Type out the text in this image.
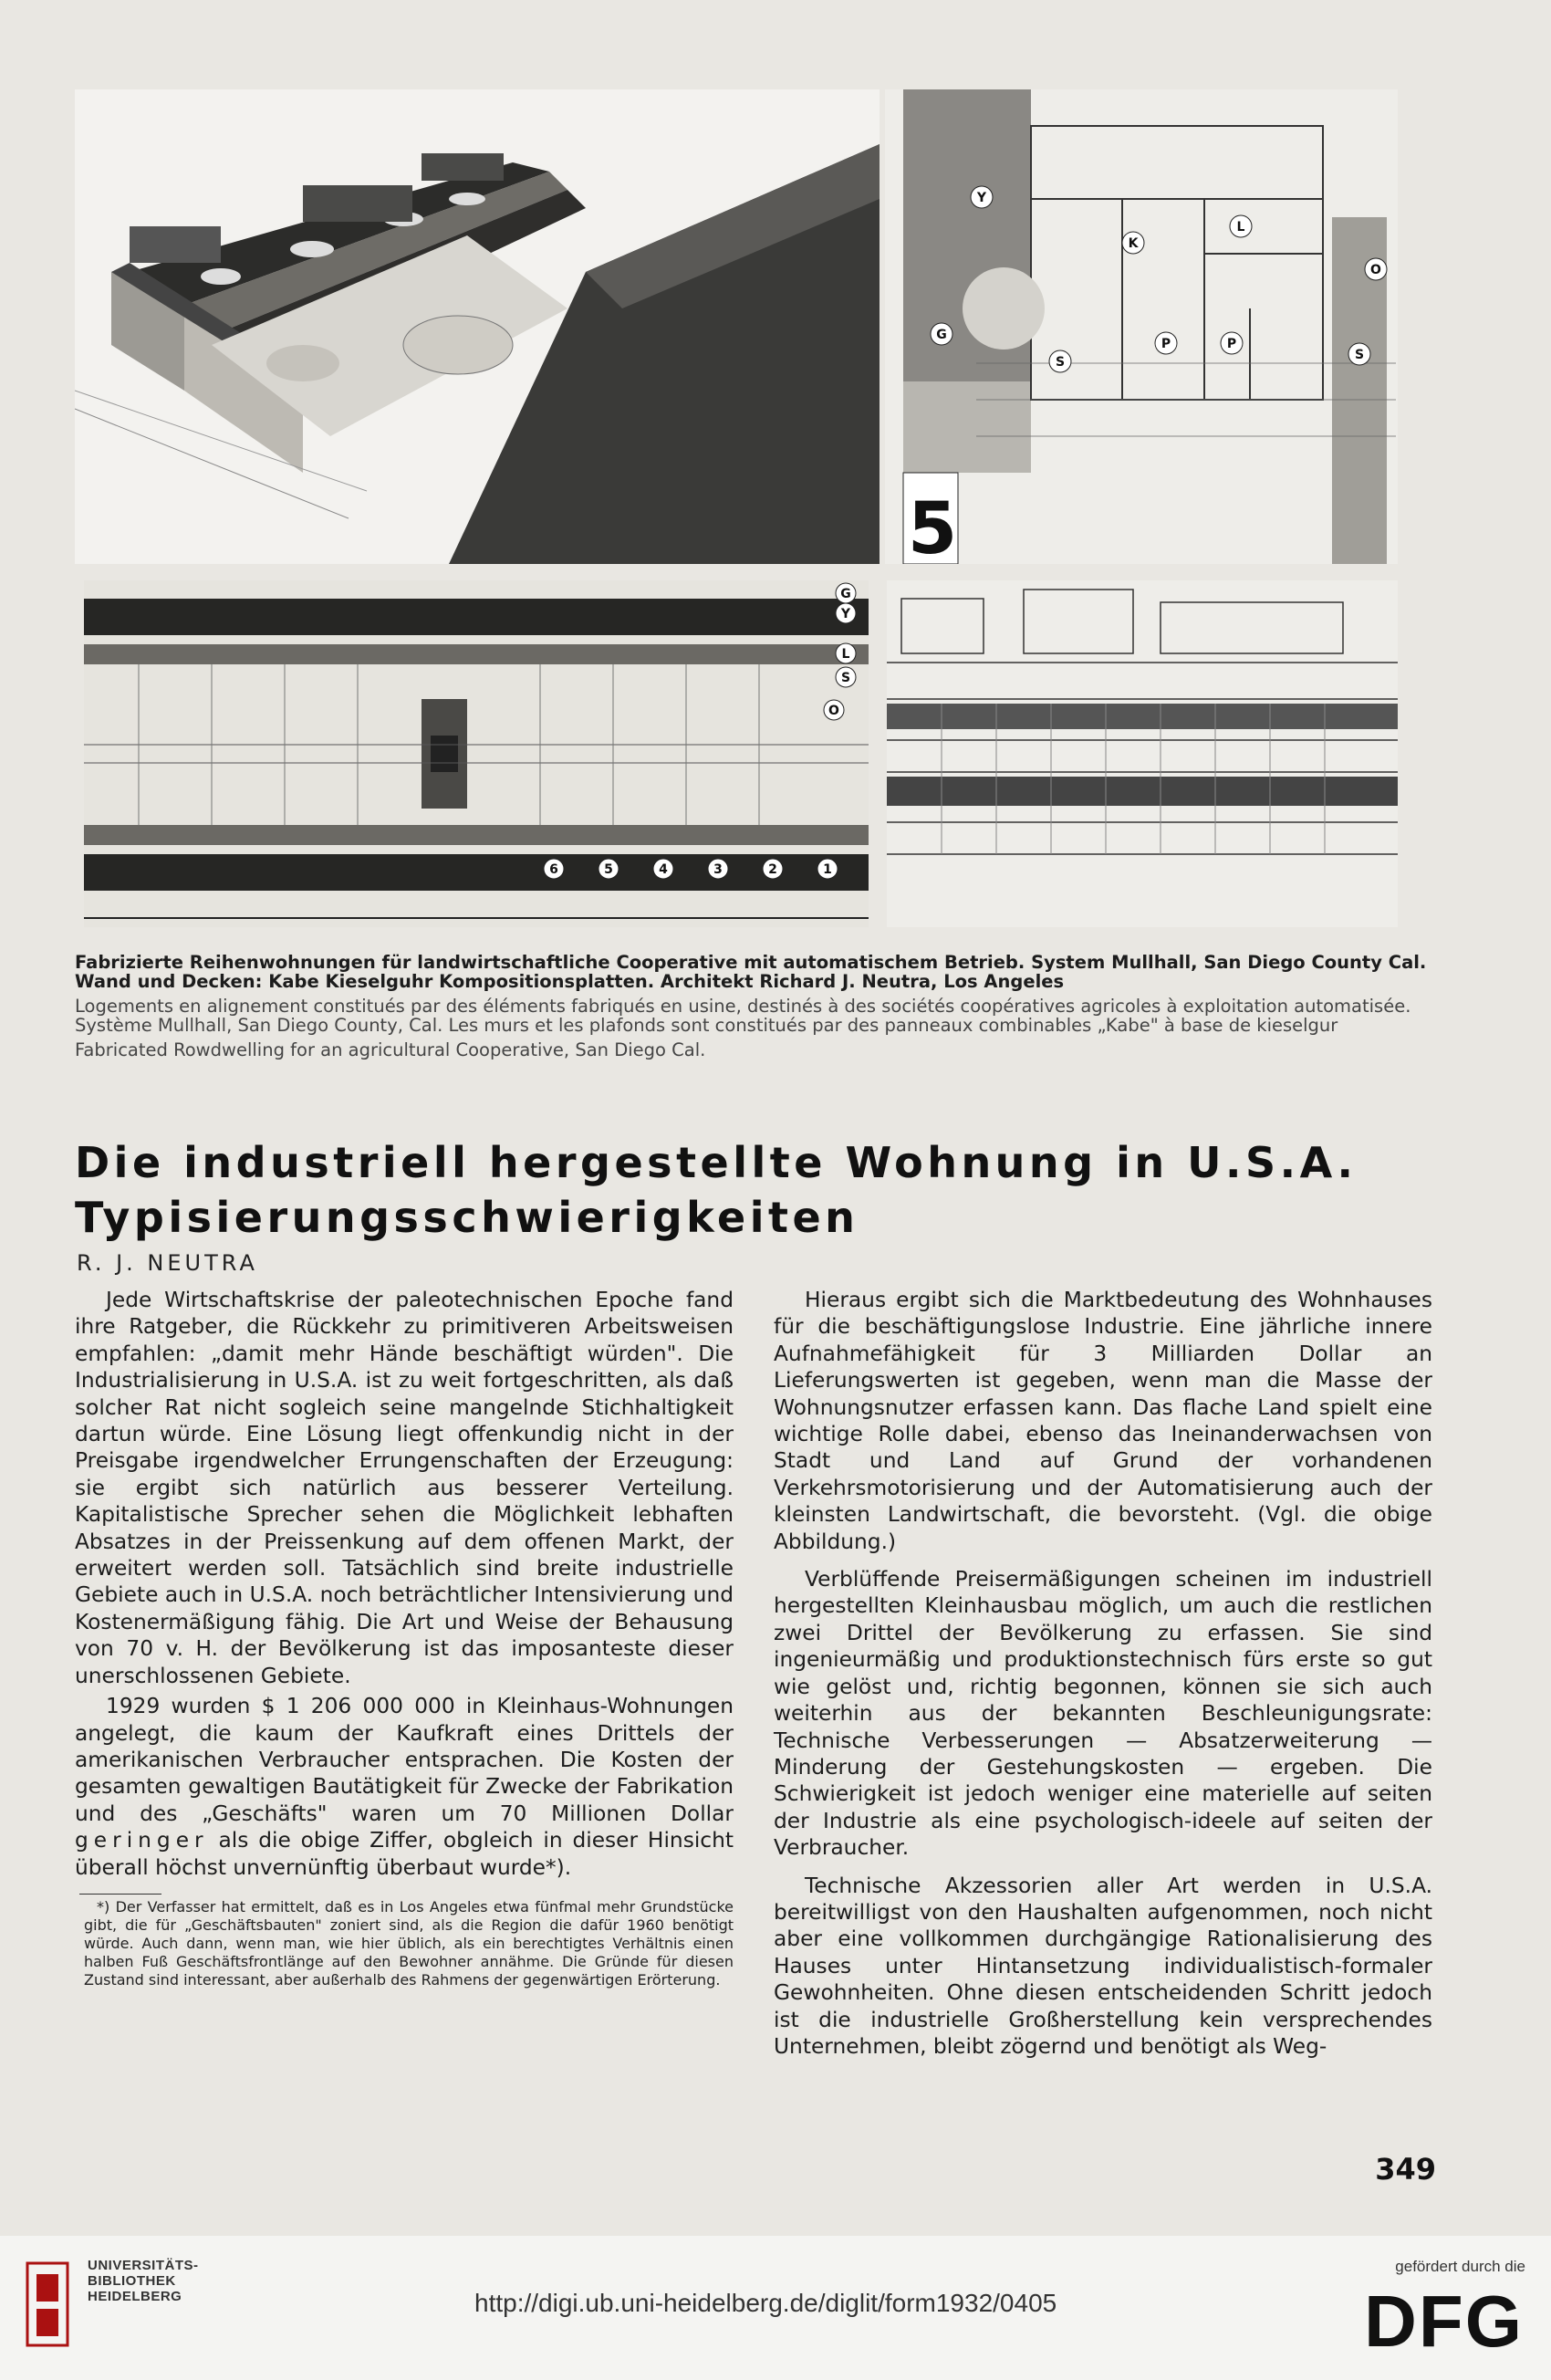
Y
K
L
O
G
S
P	P
S
5
G
Y
L
S
O
6	5	4	3	2	1

Fabrizierte Reihenwohnungen für landwirtschaftliche Cooperative mit automatischem Betrieb. System Mullhall, San Diego County Cal. Wand und Decken: Kabe Kieselguhr Kompositionsplatten. Architekt Richard J. Neutra, Los Angeles

Logements en alignement constitués par des éléments fabriqués en usine, destinés à des sociétés coopératives agricoles à exploitation automatisée. Système Mullhall, San Diego County, Cal. Les murs et les plafonds sont constitués par des panneaux combinables „Kabe" à base de kieselgur

Fabricated Rowdwelling for an agricultural Cooperative, San Diego Cal.

Die industriell hergestellte Wohnung in U.S.A.
Typisierungsschwierigkeiten
R. J. NEUTRA

Jede Wirtschaftskrise der paleotechnischen Epoche fand ihre Ratgeber, die Rückkehr zu primitiveren Arbeitsweisen empfahlen: „damit mehr Hände beschäftigt würden". Die Industrialisierung in U.S.A. ist zu weit fortgeschritten, als daß solcher Rat nicht sogleich seine mangelnde Stichhaltigkeit dartun würde. Eine Lösung liegt offenkundig nicht in der Preisgabe irgendwelcher Errungenschaften der Erzeugung: sie ergibt sich natürlich aus besserer Verteilung. Kapitalistische Sprecher sehen die Möglichkeit lebhaften Absatzes in der Preissenkung auf dem offenen Markt, der erweitert werden soll. Tatsächlich sind breite industrielle Gebiete auch in U.S.A. noch beträchtlicher Intensivierung und Kostenermäßigung fähig. Die Art und Weise der Behausung von 70 v. H. der Bevölkerung ist das imposanteste dieser unerschlossenen Gebiete.

1929 wurden $ 1 206 000 000 in Kleinhaus-Wohnungen angelegt, die kaum der Kaufkraft eines Drittels der amerikanischen Verbraucher entsprachen. Die Kosten der gesamten gewaltigen Bautätigkeit für Zwecke der Fabrikation und des „Geschäfts" waren um 70 Millionen Dollar geringer als die obige Ziffer, obgleich in dieser Hinsicht überall höchst unvernünftig überbaut wurde*).

*) Der Verfasser hat ermittelt, daß es in Los Angeles etwa fünfmal mehr Grundstücke gibt, die für „Geschäftsbauten" zoniert sind, als die Region die dafür 1960 benötigt würde. Auch dann, wenn man, wie hier üblich, als ein berechtigtes Verhältnis einen halben Fuß Geschäftsfrontlänge auf den Bewohner annähme. Die Gründe für diesen Zustand sind interessant, aber außerhalb des Rahmens der gegenwärtigen Erörterung.

Hieraus ergibt sich die Marktbedeutung des Wohnhauses für die beschäftigungslose Industrie. Eine jährliche innere Aufnahmefähigkeit für 3 Milliarden Dollar an Lieferungswerten ist gegeben, wenn man die Masse der Wohnungsnutzer erfassen kann. Das flache Land spielt eine wichtige Rolle dabei, ebenso das Ineinanderwachsen von Stadt und Land auf Grund der vorhandenen Verkehrsmotorisierung und der Automatisierung auch der kleinsten Landwirtschaft, die bevorsteht. (Vgl. die obige Abbildung.)

Verblüffende Preisermäßigungen scheinen im industriell hergestellten Kleinhausbau möglich, um auch die restlichen zwei Drittel der Bevölkerung zu erfassen. Sie sind ingenieurmäßig und produktionstechnisch fürs erste so gut wie gelöst und, richtig begonnen, können sie sich auch weiterhin aus der bekannten Beschleunigungsrate: Technische Verbesserungen — Absatzerweiterung — Minderung der Gestehungskosten — ergeben. Die Schwierigkeit ist jedoch weniger eine materielle auf seiten der Industrie als eine psychologisch-ideele auf seiten der Verbraucher.

Technische Akzessorien aller Art werden in U.S.A. bereitwilligst von den Haushalten aufgenommen, noch nicht aber eine vollkommen durchgängige Rationalisierung des Hauses unter Hintansetzung individualistisch-formaler Gewohnheiten. Ohne diesen entscheidenden Schritt jedoch ist die industrielle Großherstellung kein versprechendes Unternehmen, bleibt zögernd und benötigt als Weg-

349
UNIVERSITÄTS-
BIBLIOTHEK
HEIDELBERG	http://digi.ub.uni-heidelberg.de/diglit/form1932/0405
gefördert durch die
DFG
